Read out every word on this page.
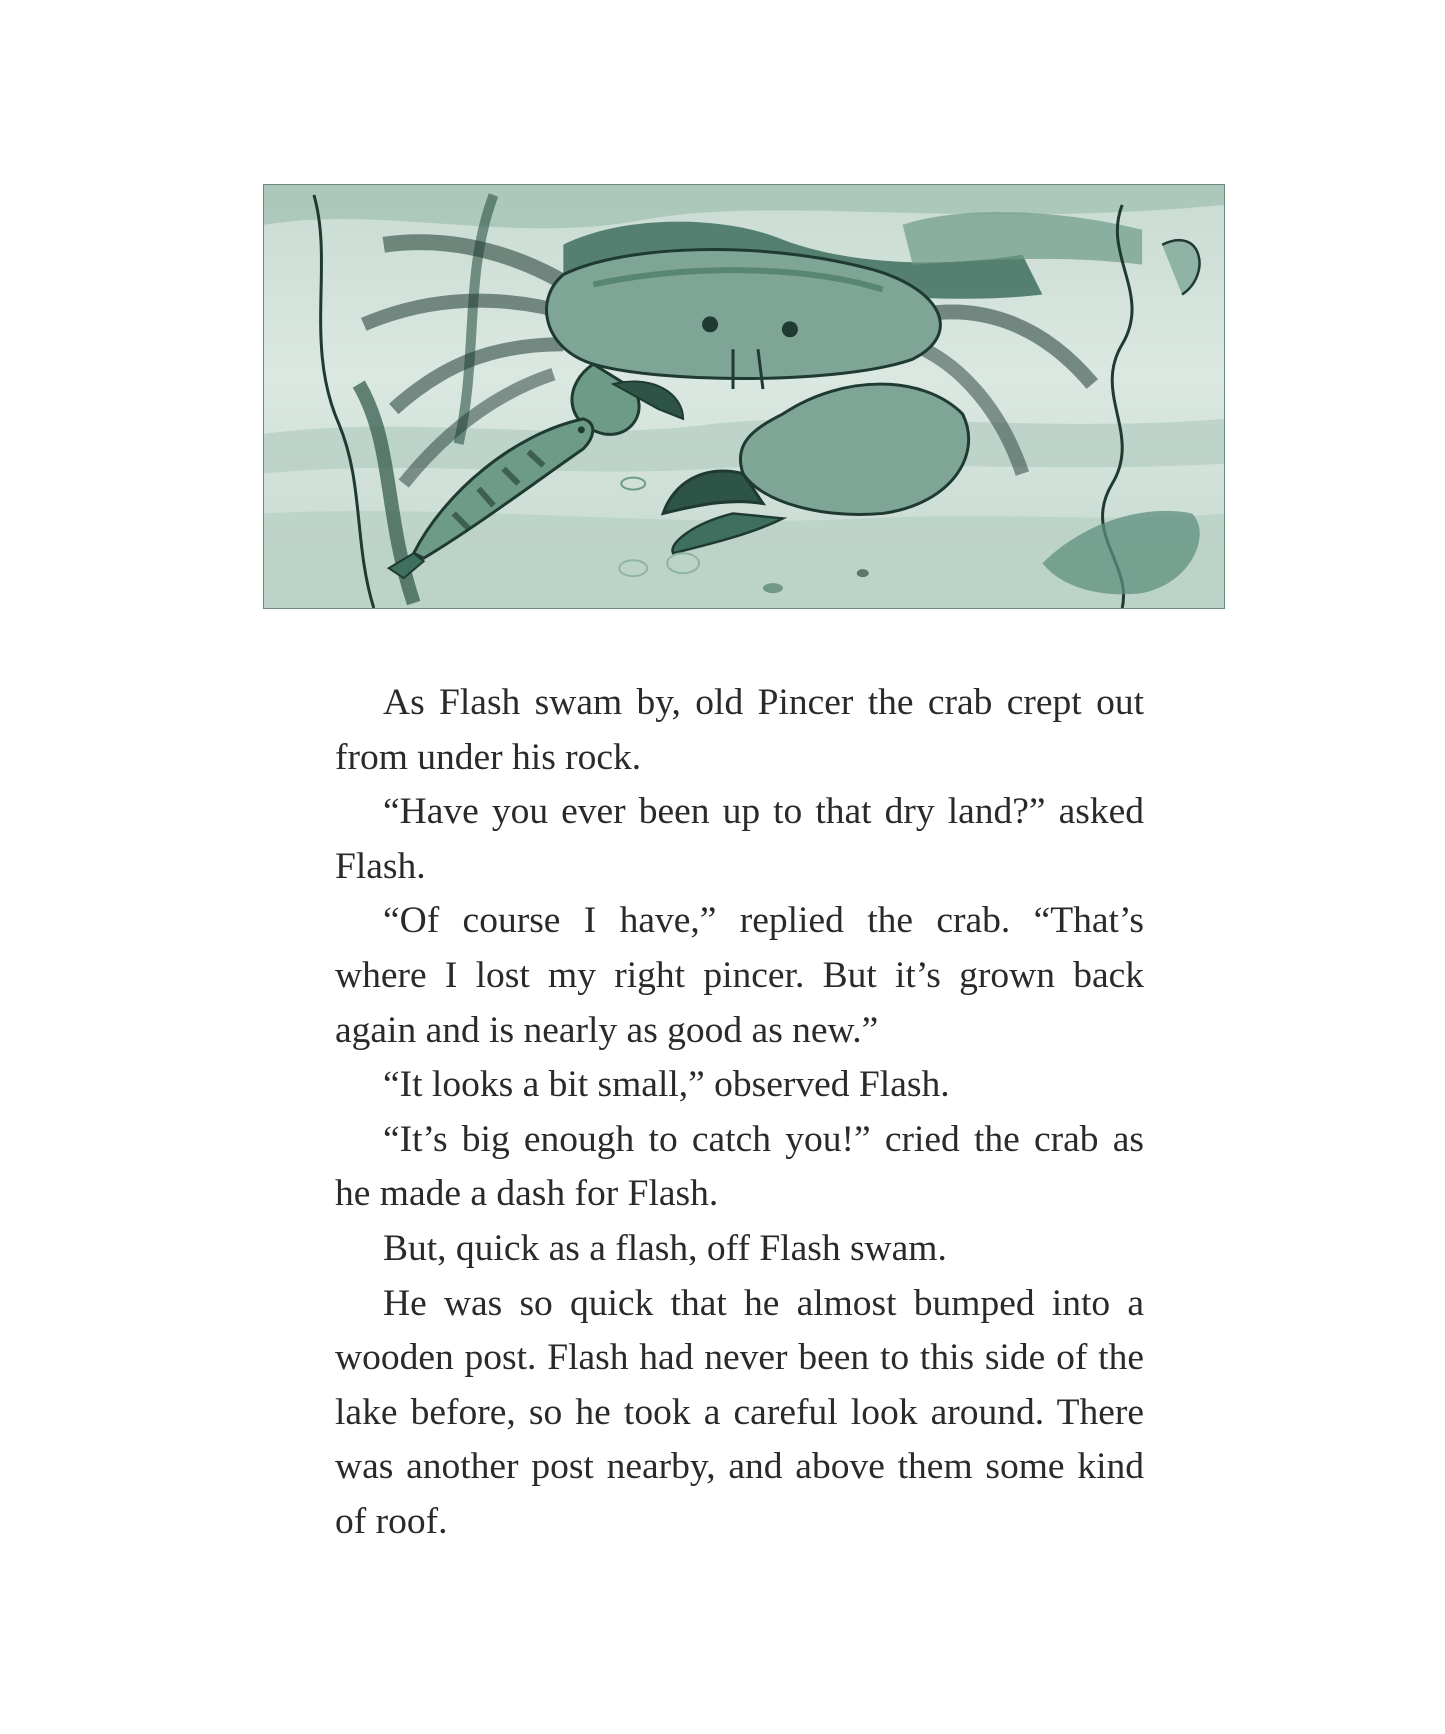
As Flash swam by, old Pincer the crab crept out from under his rock.

“Have you ever been up to that dry land?” asked Flash.

“Of course I have,” replied the crab. “That’s where I lost my right pincer. But it’s grown back again and is nearly as good as new.”

“It looks a bit small,” observed Flash.

“It’s big enough to catch you!” cried the crab as he made a dash for Flash.

But, quick as a flash, off Flash swam.

He was so quick that he almost bumped into a wooden post. Flash had never been to this side of the lake before, so he took a careful look around. There was another post nearby, and above them some kind of roof.
